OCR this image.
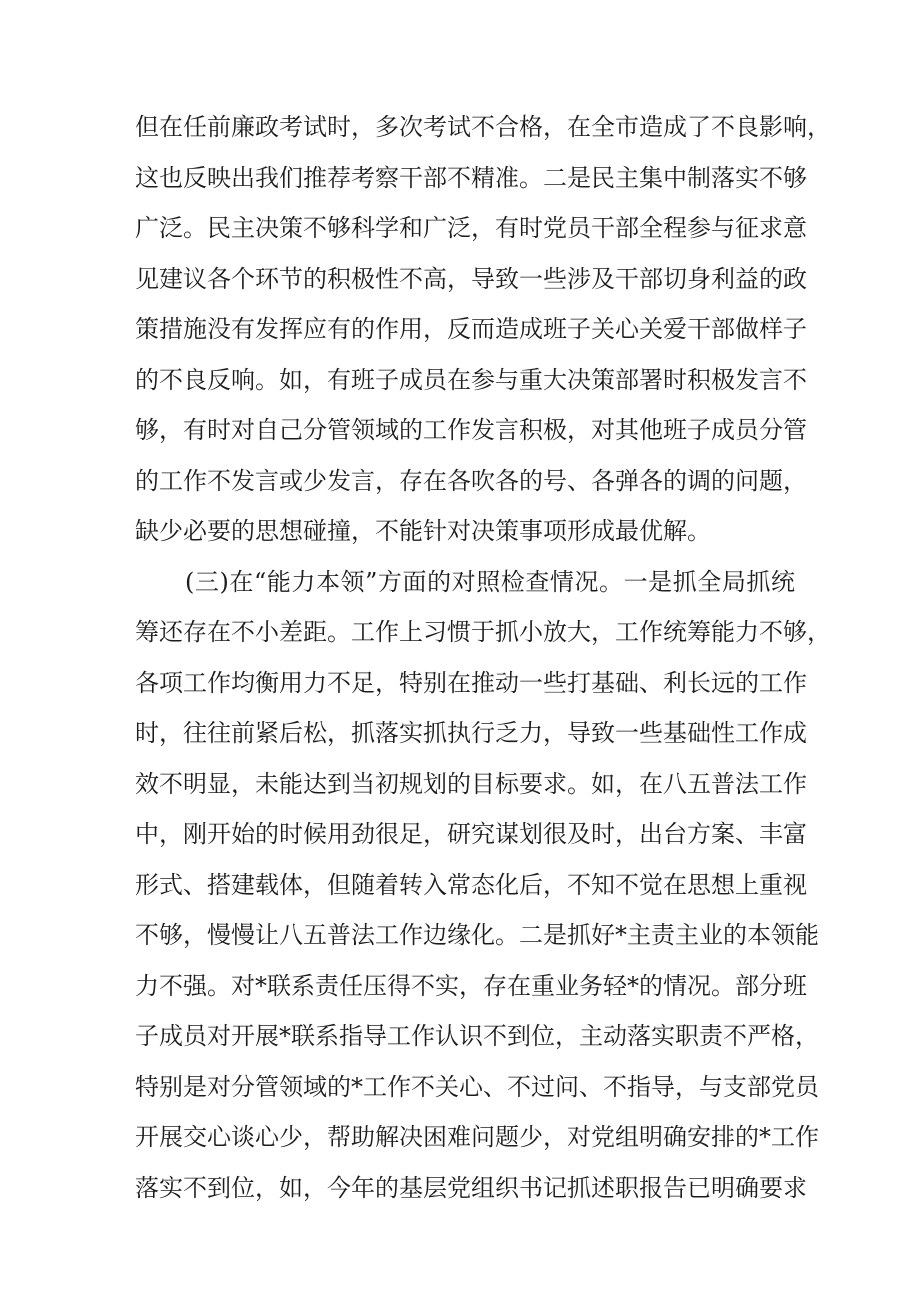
但在任前廉政考试时，多次考试不合格，在全市造成了不良影响，
这也反映出我们推荐考察干部不精准。二是民主集中制落实不够
广泛。民主决策不够科学和广泛，有时党员干部全程参与征求意
见建议各个环节的积极性不高，导致一些涉及干部切身利益的政
策措施没有发挥应有的作用，反而造成班子关心关爱干部做样子
的不良反响。如，有班子成员在参与重大决策部署时积极发言不
够，有时对自己分管领域的工作发言积极，对其他班子成员分管
的工作不发言或少发言，存在各吹各的号、各弹各的调的问题，
缺少必要的思想碰撞，不能针对决策事项形成最优解。
(三)在“能力本领”方面的对照检查情况。一是抓全局抓统
筹还存在不小差距。工作上习惯于抓小放大，工作统筹能力不够，
各项工作均衡用力不足，特别在推动一些打基础、利长远的工作
时，往往前紧后松，抓落实抓执行乏力，导致一些基础性工作成
效不明显，未能达到当初规划的目标要求。如，在八五普法工作
中，刚开始的时候用劲很足，研究谋划很及时，出台方案、丰富
形式、搭建载体，但随着转入常态化后，不知不觉在思想上重视
不够，慢慢让八五普法工作边缘化。二是抓好*主责主业的本领能
力不强。对*联系责任压得不实，存在重业务轻*的情况。部分班
子成员对开展*联系指导工作认识不到位，主动落实职责不严格，
特别是对分管领域的*工作不关心、不过问、不指导，与支部党员
开展交心谈心少，帮助解决困难问题少，对党组明确安排的*工作
落实不到位，如，今年的基层党组织书记抓述职报告已明确要求
